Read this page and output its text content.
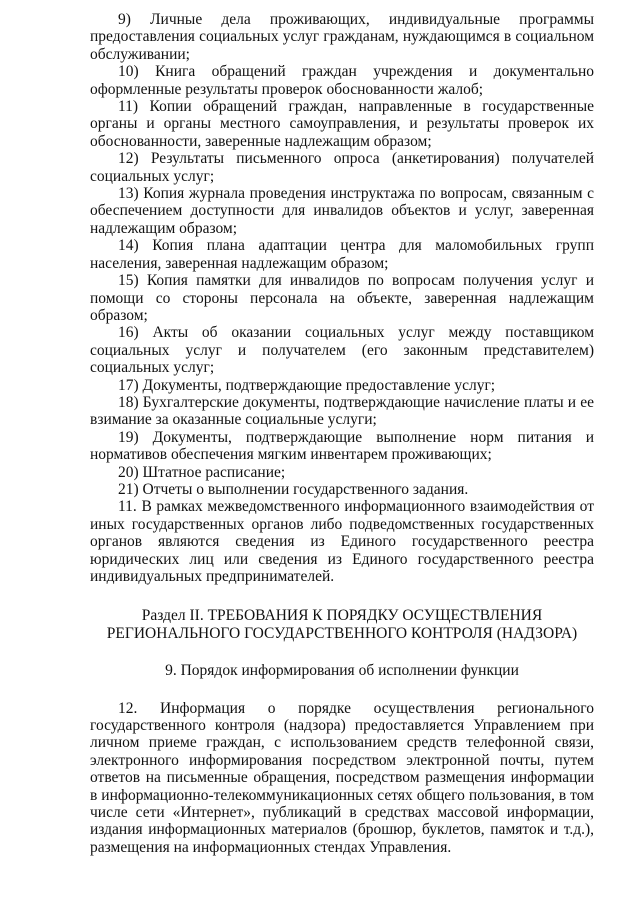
9) Личные дела проживающих, индивидуальные программы предоставления социальных услуг гражданам, нуждающимся в социальном обслуживании;

10) Книга обращений граждан учреждения и документально оформленные результаты проверок обоснованности жалоб;

11) Копии обращений граждан, направленные в государственные органы и органы местного самоуправления, и результаты проверок их обоснованности, заверенные надлежащим образом;

12) Результаты письменного опроса (анкетирования) получателей социальных услуг;

13) Копия журнала проведения инструктажа по вопросам, связанным с обеспечением доступности для инвалидов объектов и услуг, заверенная надлежащим образом;

14) Копия плана адаптации центра для маломобильных групп населения, заверенная надлежащим образом;

15) Копия памятки для инвалидов по вопросам получения услуг и помощи со стороны персонала на объекте, заверенная надлежащим образом;

16) Акты об оказании социальных услуг между поставщиком социальных услуг и получателем (его законным представителем) социальных услуг;

17) Документы, подтверждающие предоставление услуг;

18) Бухгалтерские документы, подтверждающие начисление платы и ее взимание за оказанные социальные услуги;

19) Документы, подтверждающие выполнение норм питания и нормативов обеспечения мягким инвентарем проживающих;

20) Штатное расписание;

21) Отчеты о выполнении государственного задания.

11. В рамках межведомственного информационного взаимодействия от иных государственных органов либо подведомственных государственных органов являются сведения из Единого государственного реестра юридических лиц или сведения из Единого государственного реестра индивидуальных предпринимателей.

Раздел II. ТРЕБОВАНИЯ К ПОРЯДКУ ОСУЩЕСТВЛЕНИЯ

РЕГИОНАЛЬНОГО ГОСУДАРСТВЕННОГО КОНТРОЛЯ (НАДЗОРА)

9. Порядок информирования об исполнении функции

12. Информация о порядке осуществления регионального государственного контроля (надзора) предоставляется Управлением при личном приеме граждан, с использованием средств телефонной связи, электронного информирования посредством электронной почты, путем ответов на письменные обращения, посредством размещения информации в информационно-телекоммуникационных сетях общего пользования, в том числе сети «Интернет», публикаций в средствах массовой информации, издания информационных материалов (брошюр, буклетов, памяток и т.д.), размещения на информационных стендах Управления.
